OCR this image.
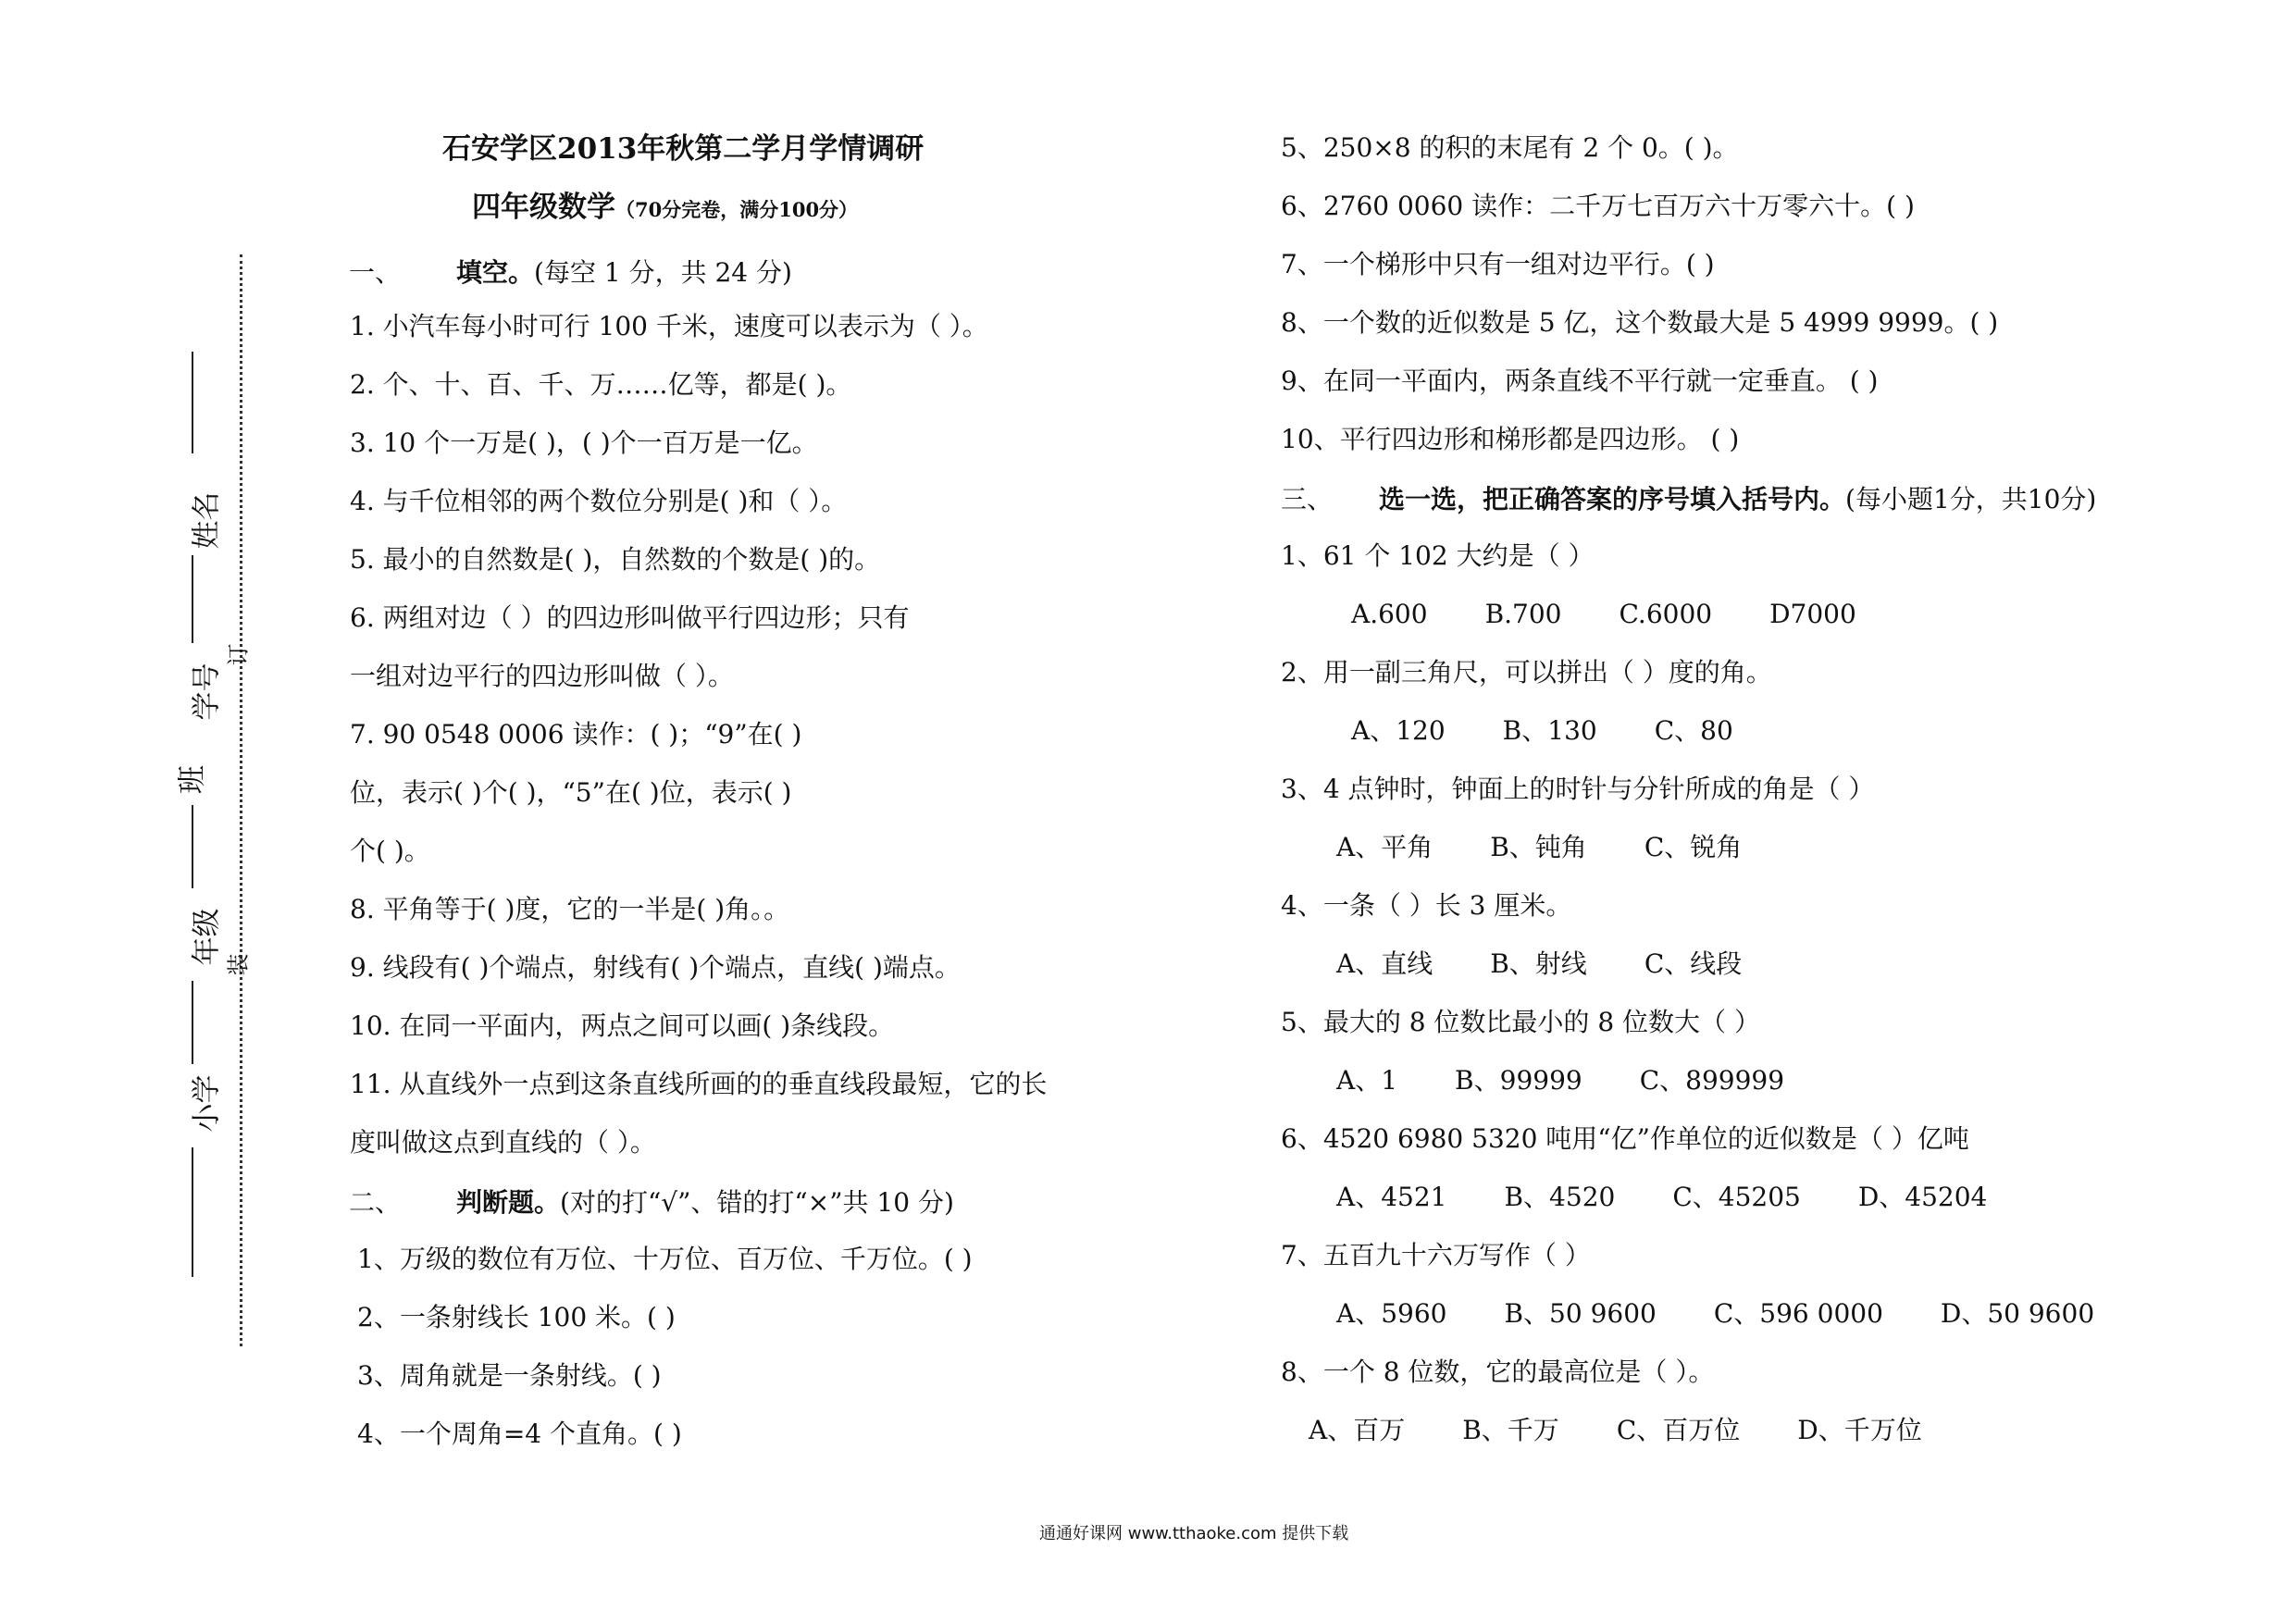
订
装
姓名
学号
班
年级
小学
石安学区2013年秋第二学月学情调研
四年级数学（70分完卷，满分100分）
一、 填空。(每空 1 分，共 24 分)
1. 小汽车每小时可行 100 千米，速度可以表示为（ ）。
2. 个、十、百、千、万……亿等，都是( )。
3. 10 个一万是( )，( )个一百万是一亿。
4. 与千位相邻的两个数位分别是( )和（ ）。
5. 最小的自然数是( )，自然数的个数是( )的。
6. 两组对边（ ）的四边形叫做平行四边形；只有
一组对边平行的四边形叫做（ ）。
7. 90 0548 0006 读作：( )；“9”在( )
位，表示( )个( )，“5”在( )位，表示( )
个( )。
8. 平角等于( )度，它的一半是( )角。。
9. 线段有( )个端点，射线有( )个端点，直线( )端点。
10. 在同一平面内，两点之间可以画( )条线段。
11. 从直线外一点到这条直线所画的的垂直线段最短，它的长
度叫做这点到直线的（ ）。
二、 判断题。(对的打“√”、错的打“×”共 10 分)
1、万级的数位有万位、十万位、百万位、千万位。( )
2、一条射线长 100 米。( )
3、周角就是一条射线。( )
4、一个周角=4 个直角。( )
5、250×8 的积的末尾有 2 个 0。( )。
6、2760 0060 读作：二千万七百万六十万零六十。( )
7、一个梯形中只有一组对边平行。( )
8、一个数的近似数是 5 亿，这个数最大是 5 4999 9999。( )
9、在同一平面内，两条直线不平行就一定垂直。 ( )
10、平行四边形和梯形都是四边形。 ( )
三、 选一选，把正确答案的序号填入括号内。(每小题1分，共10分)
1、61 个 102 大约是（ ）
A.600 B.700 C.6000 D7000
2、用一副三角尺，可以拼出（ ）度的角。
A、120 B、130 C、80
3、4 点钟时，钟面上的时针与分针所成的角是（ ）
A、平角 B、钝角 C、锐角
4、一条（ ）长 3 厘米。
A、直线 B、射线 C、线段
5、最大的 8 位数比最小的 8 位数大（ ）
A、1 B、99999 C、899999
6、4520 6980 5320 吨用“亿”作单位的近似数是（ ）亿吨
A、4521 B、4520 C、45205 D、45204
7、五百九十六万写作（ ）
A、5960 B、50 9600 C、596 0000 D、50 9600
8、一个 8 位数，它的最高位是（ ）。
A、百万 B、千万 C、百万位 D、千万位
通通好课网 www.tthaoke.com 提供下载
